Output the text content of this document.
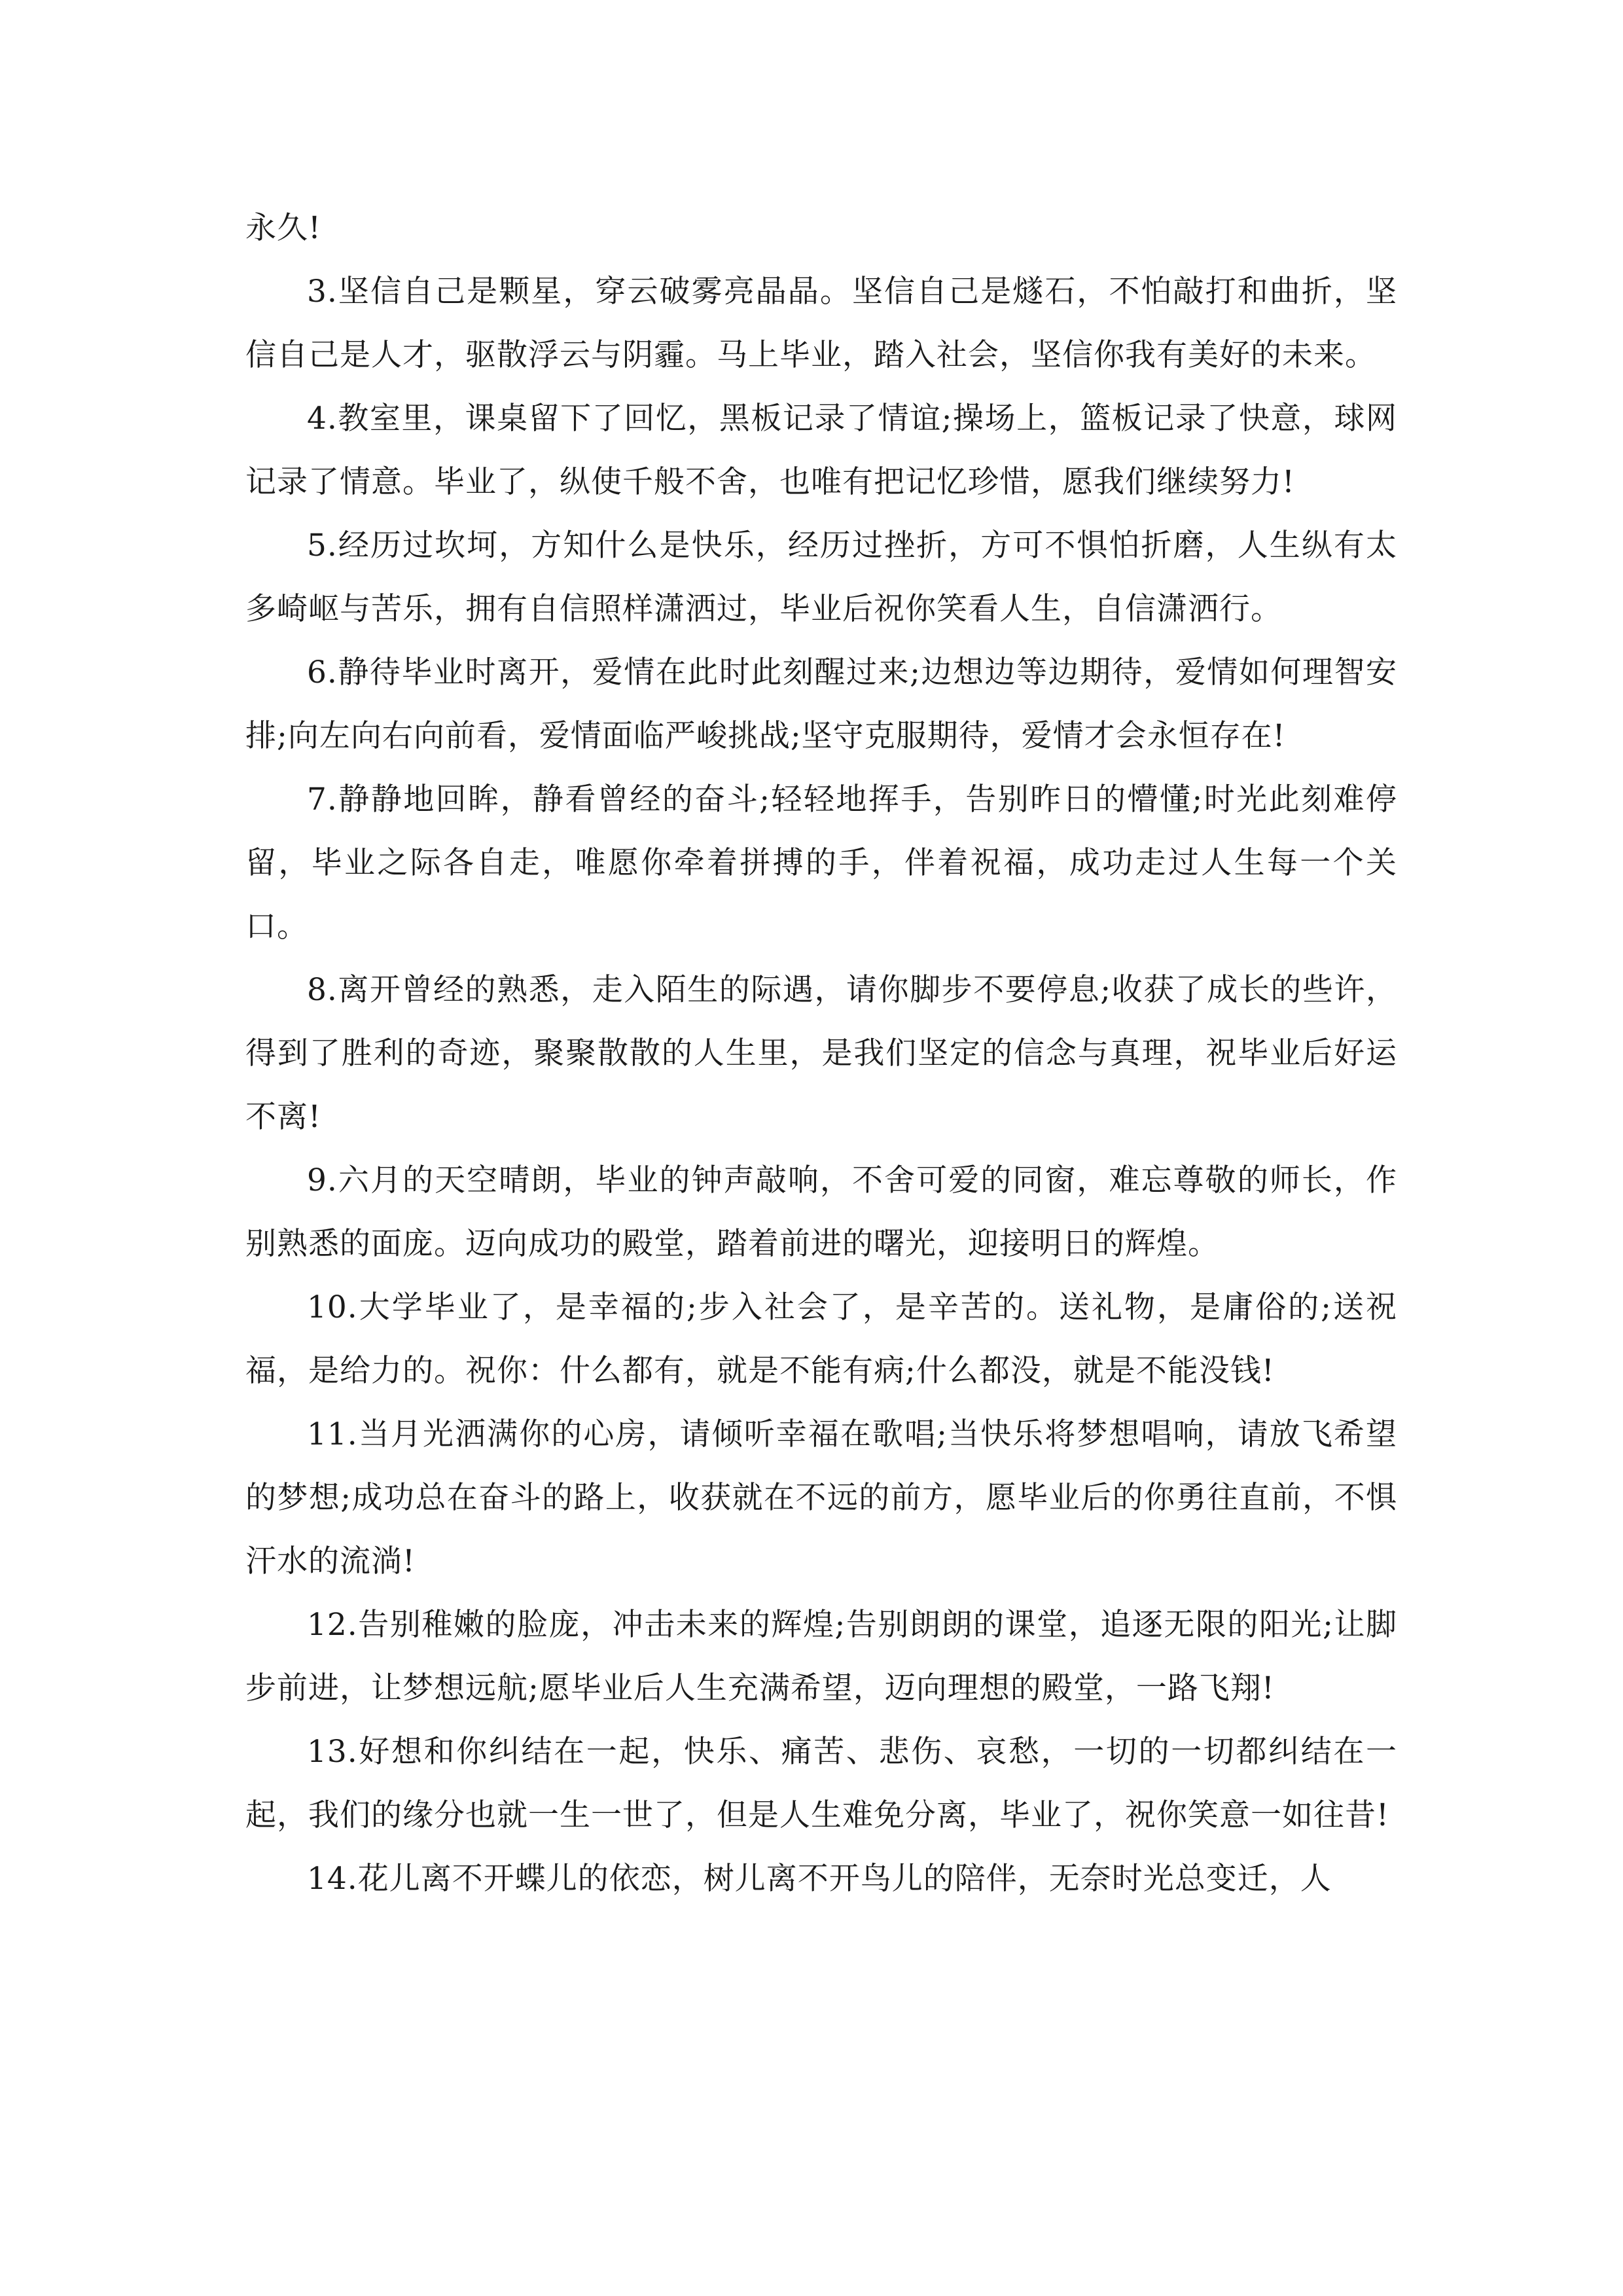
永久!

3.坚信自己是颗星，穿云破雾亮晶晶。坚信自己是燧石，不怕敲打和曲折，坚信自己是人才，驱散浮云与阴霾。马上毕业，踏入社会，坚信你我有美好的未来。

4.教室里，课桌留下了回忆，黑板记录了情谊;操场上，篮板记录了快意，球网记录了情意。毕业了，纵使千般不舍，也唯有把记忆珍惜，愿我们继续努力!

5.经历过坎坷，方知什么是快乐，经历过挫折，方可不惧怕折磨，人生纵有太多崎岖与苦乐，拥有自信照样潇洒过，毕业后祝你笑看人生，自信潇洒行。

6.静待毕业时离开，爱情在此时此刻醒过来;边想边等边期待，爱情如何理智安排;向左向右向前看，爱情面临严峻挑战;坚守克服期待，爱情才会永恒存在!

7.静静地回眸，静看曾经的奋斗;轻轻地挥手，告别昨日的懵懂;时光此刻难停留，毕业之际各自走，唯愿你牵着拼搏的手，伴着祝福，成功走过人生每一个关口。

8.离开曾经的熟悉，走入陌生的际遇，请你脚步不要停息;收获了成长的些许，得到了胜利的奇迹，聚聚散散的人生里，是我们坚定的信念与真理，祝毕业后好运不离!

9.六月的天空晴朗，毕业的钟声敲响，不舍可爱的同窗，难忘尊敬的师长，作别熟悉的面庞。迈向成功的殿堂，踏着前进的曙光，迎接明日的辉煌。

10.大学毕业了，是幸福的;步入社会了，是辛苦的。送礼物，是庸俗的;送祝福，是给力的。祝你：什么都有，就是不能有病;什么都没，就是不能没钱!

11.当月光洒满你的心房，请倾听幸福在歌唱;当快乐将梦想唱响，请放飞希望的梦想;成功总在奋斗的路上，收获就在不远的前方，愿毕业后的你勇往直前，不惧汗水的流淌!

12.告别稚嫩的脸庞，冲击未来的辉煌;告别朗朗的课堂，追逐无限的阳光;让脚步前进，让梦想远航;愿毕业后人生充满希望，迈向理想的殿堂，一路飞翔!

13.好想和你纠结在一起，快乐、痛苦、悲伤、哀愁，一切的一切都纠结在一起，我们的缘分也就一生一世了，但是人生难免分离，毕业了，祝你笑意一如往昔!

14.花儿离不开蝶儿的依恋，树儿离不开鸟儿的陪伴，无奈时光总变迁，人
